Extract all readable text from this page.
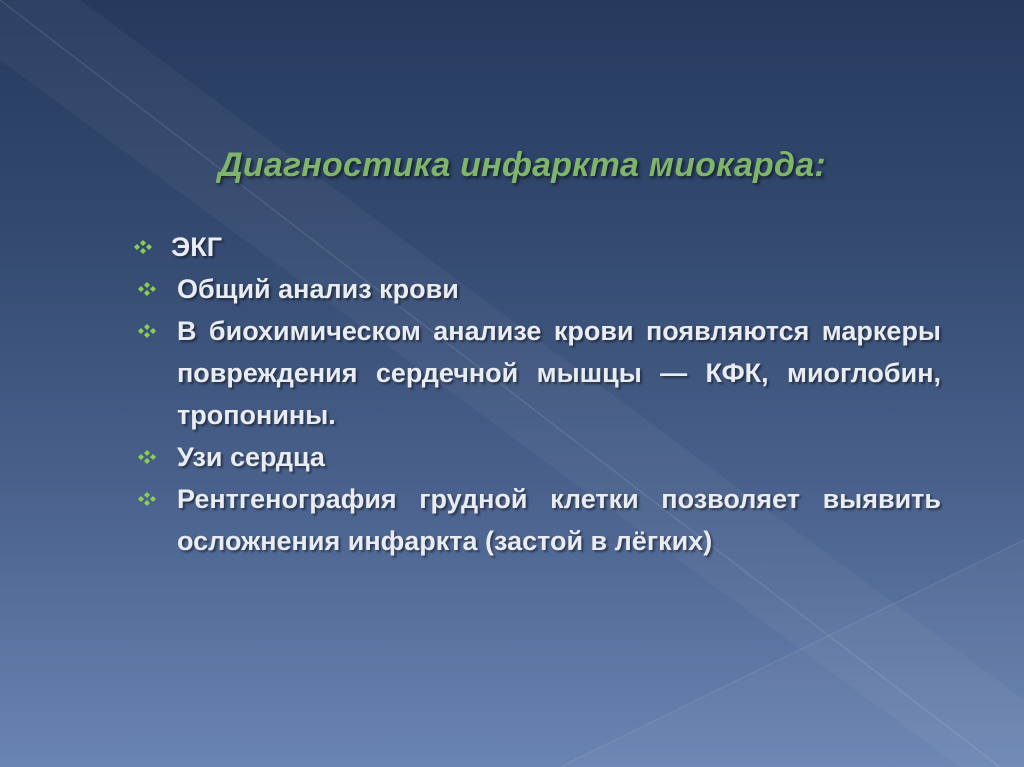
Диагностика инфаркта миокарда:
ЭКГ
Общий анализ крови
В биохимическом анализе крови появляются маркеры повреждения сердечной мышцы — КФК, миоглобин, тропонины.
Узи сердца
Рентгенография грудной клетки позволяет выявить осложнения инфаркта (застой в лёгких)
